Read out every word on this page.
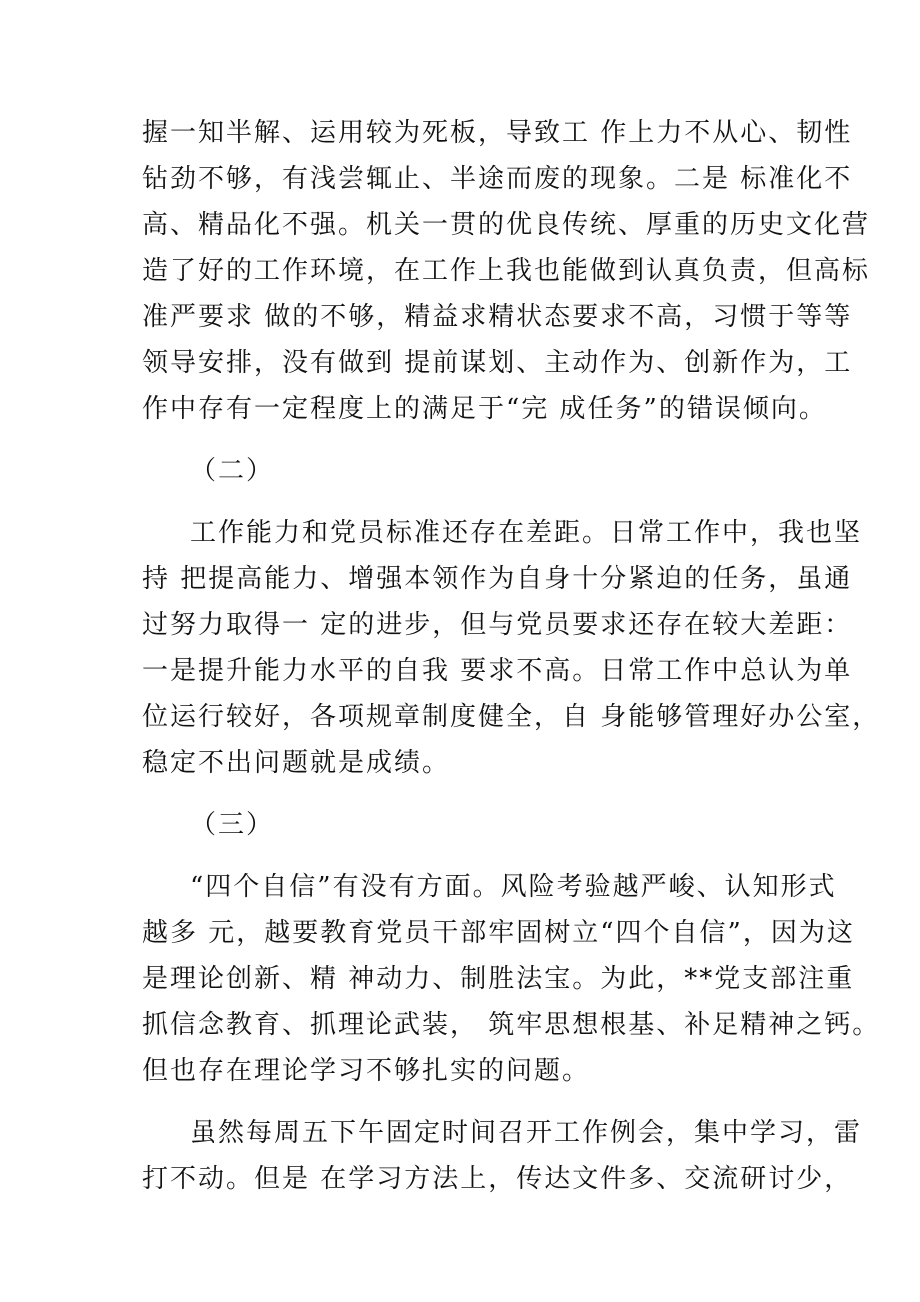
握一知半解、运用较为死板，导致工 作上力不从心、韧性
钻劲不够，有浅尝辄止、半途而废的现象。二是 标准化不
高、精品化不强。机关一贯的优良传统、厚重的历史文化营
造了好的工作环境，在工作上我也能做到认真负责，但高标
准严要求 做的不够，精益求精状态要求不高，习惯于等等
领导安排，没有做到 提前谋划、主动作为、创新作为，工
作中存有一定程度上的满足于“完 成任务”的错误倾向。
（二）
工作能力和党员标准还存在差距。日常工作中，我也坚
持 把提高能力、增强本领作为自身十分紧迫的任务，虽通
过努力取得一 定的进步，但与党员要求还存在较大差距：
一是提升能力水平的自我 要求不高。日常工作中总认为单
位运行较好，各项规章制度健全，自 身能够管理好办公室，
稳定不出问题就是成绩。
（三）
“四个自信”有没有方面。风险考验越严峻、认知形式
越多 元，越要教育党员干部牢固树立“四个自信”，因为这
是理论创新、精 神动力、制胜法宝。为此，**党支部注重
抓信念教育、抓理论武装， 筑牢思想根基、补足精神之钙。
但也存在理论学习不够扎实的问题。
虽然每周五下午固定时间召开工作例会，集中学习，雷
打不动。但是 在学习方法上，传达文件多、交流研讨少，
